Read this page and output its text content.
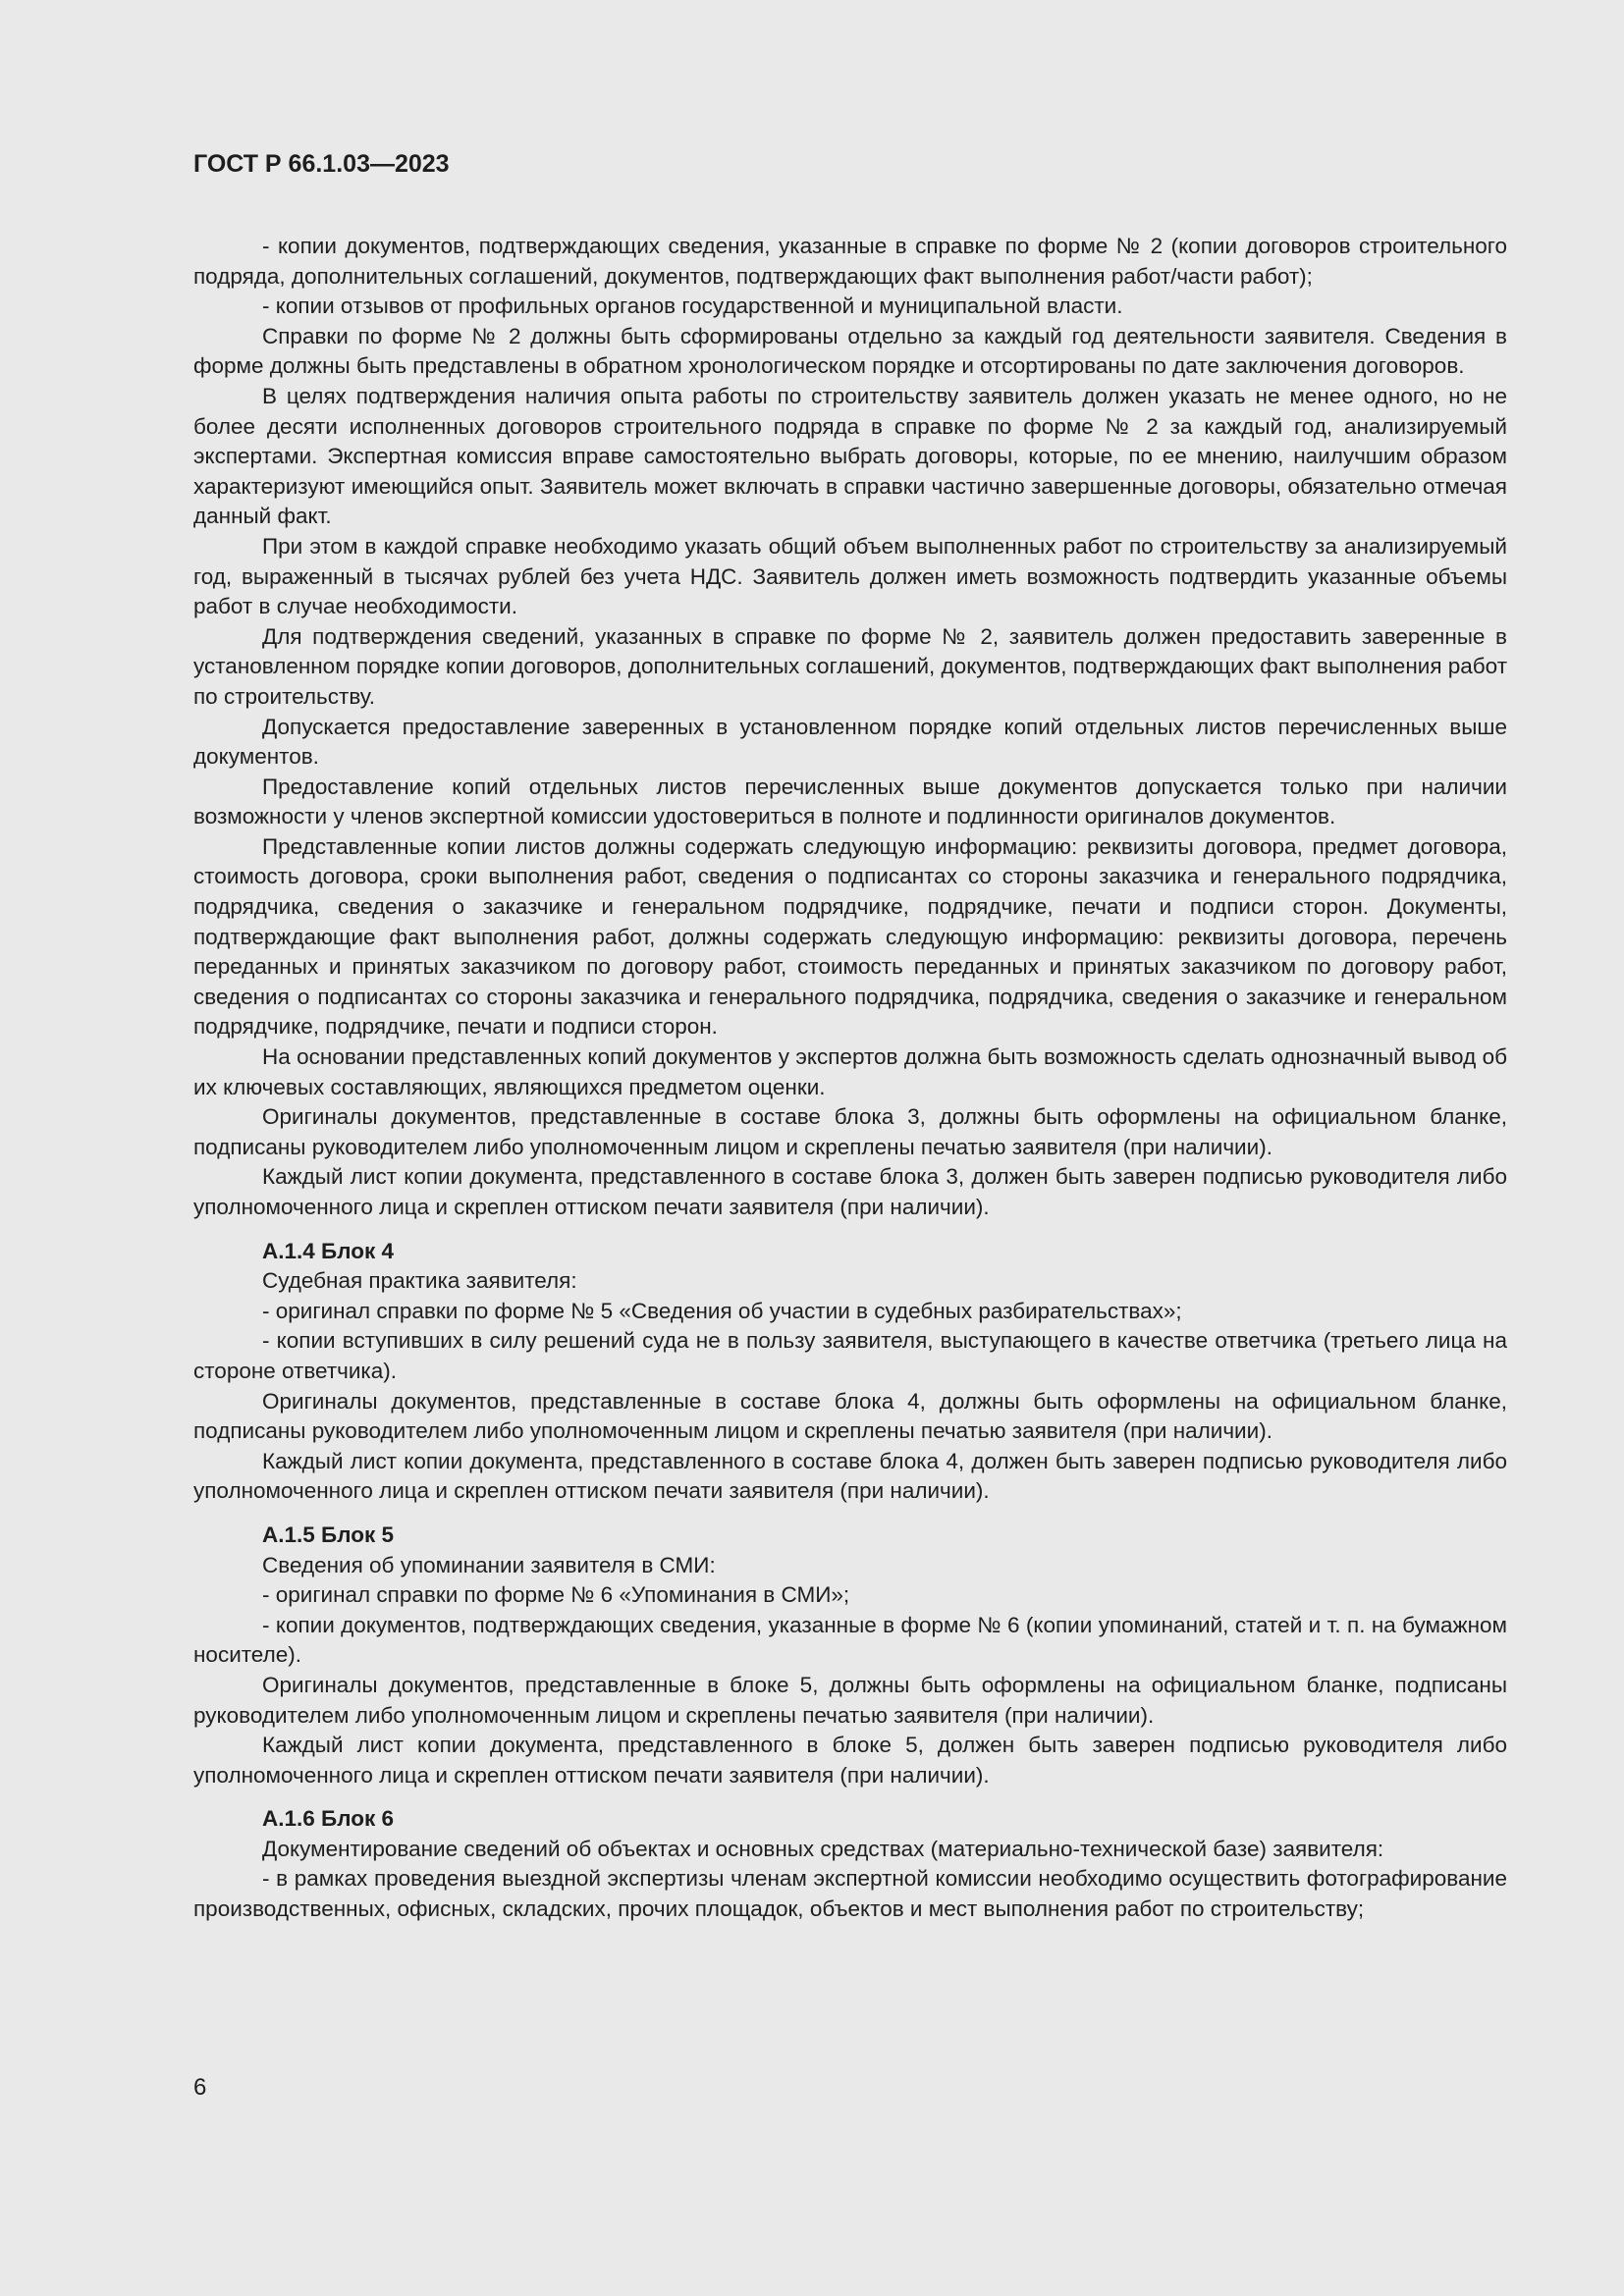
ГОСТ Р 66.1.03—2023

- копии документов, подтверждающих сведения, указанные в справке по форме № 2 (копии договоров строительного подряда, дополнительных соглашений, документов, подтверждающих факт выполнения работ/части работ);

- копии отзывов от профильных органов государственной и муниципальной власти.

Справки по форме № 2 должны быть сформированы отдельно за каждый год деятельности заявителя. Сведения в форме должны быть представлены в обратном хронологическом порядке и отсортированы по дате заключения договоров.

В целях подтверждения наличия опыта работы по строительству заявитель должен указать не менее одного, но не более десяти исполненных договоров строительного подряда в справке по форме № 2 за каждый год, анализируемый экспертами. Экспертная комиссия вправе самостоятельно выбрать договоры, которые, по ее мнению, наилучшим образом характеризуют имеющийся опыт. Заявитель может включать в справки частично завершенные договоры, обязательно отмечая данный факт.

При этом в каждой справке необходимо указать общий объем выполненных работ по строительству за анализируемый год, выраженный в тысячах рублей без учета НДС. Заявитель должен иметь возможность подтвердить указанные объемы работ в случае необходимости.

Для подтверждения сведений, указанных в справке по форме № 2, заявитель должен предоставить заверенные в установленном порядке копии договоров, дополнительных соглашений, документов, подтверждающих факт выполнения работ по строительству.

Допускается предоставление заверенных в установленном порядке копий отдельных листов перечисленных выше документов.

Предоставление копий отдельных листов перечисленных выше документов допускается только при наличии возможности у членов экспертной комиссии удостовериться в полноте и подлинности оригиналов документов.

Представленные копии листов должны содержать следующую информацию: реквизиты договора, предмет договора, стоимость договора, сроки выполнения работ, сведения о подписантах со стороны заказчика и генерального подрядчика, подрядчика, сведения о заказчике и генеральном подрядчике, подрядчике, печати и подписи сторон. Документы, подтверждающие факт выполнения работ, должны содержать следующую информацию: реквизиты договора, перечень переданных и принятых заказчиком по договору работ, стоимость переданных и принятых заказчиком по договору работ, сведения о подписантах со стороны заказчика и генерального подрядчика, подрядчика, сведения о заказчике и генеральном подрядчике, подрядчике, печати и подписи сторон.

На основании представленных копий документов у экспертов должна быть возможность сделать однозначный вывод об их ключевых составляющих, являющихся предметом оценки.

Оригиналы документов, представленные в составе блока 3, должны быть оформлены на официальном бланке, подписаны руководителем либо уполномоченным лицом и скреплены печатью заявителя (при наличии).

Каждый лист копии документа, представленного в составе блока 3, должен быть заверен подписью руководителя либо уполномоченного лица и скреплен оттиском печати заявителя (при наличии).

А.1.4 Блок 4

Судебная практика заявителя:

- оригинал справки по форме № 5 «Сведения об участии в судебных разбирательствах»;

- копии вступивших в силу решений суда не в пользу заявителя, выступающего в качестве ответчика (третьего лица на стороне ответчика).

Оригиналы документов, представленные в составе блока 4, должны быть оформлены на официальном бланке, подписаны руководителем либо уполномоченным лицом и скреплены печатью заявителя (при наличии).

Каждый лист копии документа, представленного в составе блока 4, должен быть заверен подписью руководителя либо уполномоченного лица и скреплен оттиском печати заявителя (при наличии).

А.1.5 Блок 5

Сведения об упоминании заявителя в СМИ:

- оригинал справки по форме № 6 «Упоминания в СМИ»;

- копии документов, подтверждающих сведения, указанные в форме № 6 (копии упоминаний, статей и т. п. на бумажном носителе).

Оригиналы документов, представленные в блоке 5, должны быть оформлены на официальном бланке, подписаны руководителем либо уполномоченным лицом и скреплены печатью заявителя (при наличии).

Каждый лист копии документа, представленного в блоке 5, должен быть заверен подписью руководителя либо уполномоченного лица и скреплен оттиском печати заявителя (при наличии).

А.1.6 Блок 6

Документирование сведений об объектах и основных средствах (материально-технической базе) заявителя:

- в рамках проведения выездной экспертизы членам экспертной комиссии необходимо осуществить фотографирование производственных, офисных, складских, прочих площадок, объектов и мест выполнения работ по строительству;

6
